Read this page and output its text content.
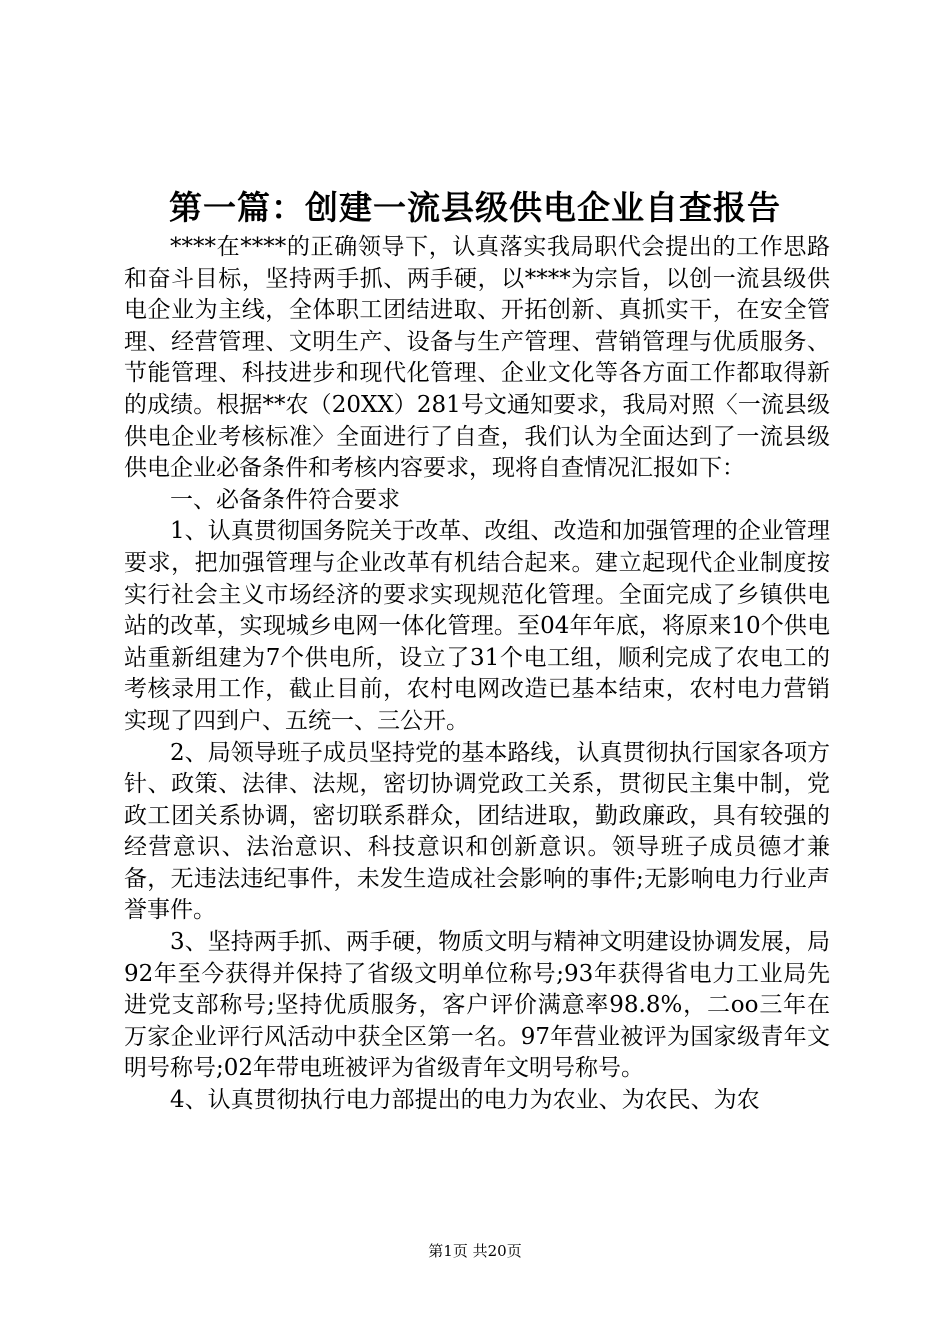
第一篇：创建一流县级供电企业自查报告

****在****的正确领导下，认真落实我局职代会提出的工作思路和奋斗目标，坚持两手抓、两手硬，以****为宗旨，以创一流县级供电企业为主线，全体职工团结进取、开拓创新、真抓实干，在安全管理、经营管理、文明生产、设备与生产管理、营销管理与优质服务、节能管理、科技进步和现代化管理、企业文化等各方面工作都取得新的成绩。根据**农（20XX）281号文通知要求，我局对照〈一流县级供电企业考核标准〉全面进行了自查，我们认为全面达到了一流县级供电企业必备条件和考核内容要求，现将自查情况汇报如下：

一、必备条件符合要求

1、认真贯彻国务院关于改革、改组、改造和加强管理的企业管理要求，把加强管理与企业改革有机结合起来。建立起现代企业制度按实行社会主义市场经济的要求实现规范化管理。全面完成了乡镇供电站的改革，实现城乡电网一体化管理。至04年年底，将原来10个供电站重新组建为7个供电所，设立了31个电工组，顺利完成了农电工的考核录用工作，截止目前，农村电网改造已基本结束，农村电力营销实现了四到户、五统一、三公开。

2、局领导班子成员坚持党的基本路线，认真贯彻执行国家各项方针、政策、法律、法规，密切协调党政工关系，贯彻民主集中制，党政工团关系协调，密切联系群众，团结进取，勤政廉政，具有较强的经营意识、法治意识、科技意识和创新意识。领导班子成员德才兼备，无违法违纪事件，未发生造成社会影响的事件;无影响电力行业声誉事件。

3、坚持两手抓、两手硬，物质文明与精神文明建设协调发展，局92年至今获得并保持了省级文明单位称号;93年获得省电力工业局先进党支部称号;坚持优质服务，客户评价满意率98.8%，二oo三年在万家企业评行风活动中获全区第一名。97年营业被评为国家级青年文明号称号;02年带电班被评为省级青年文明号称号。

4、认真贯彻执行电力部提出的电力为农业、为农民、为农

第1页 共20页
